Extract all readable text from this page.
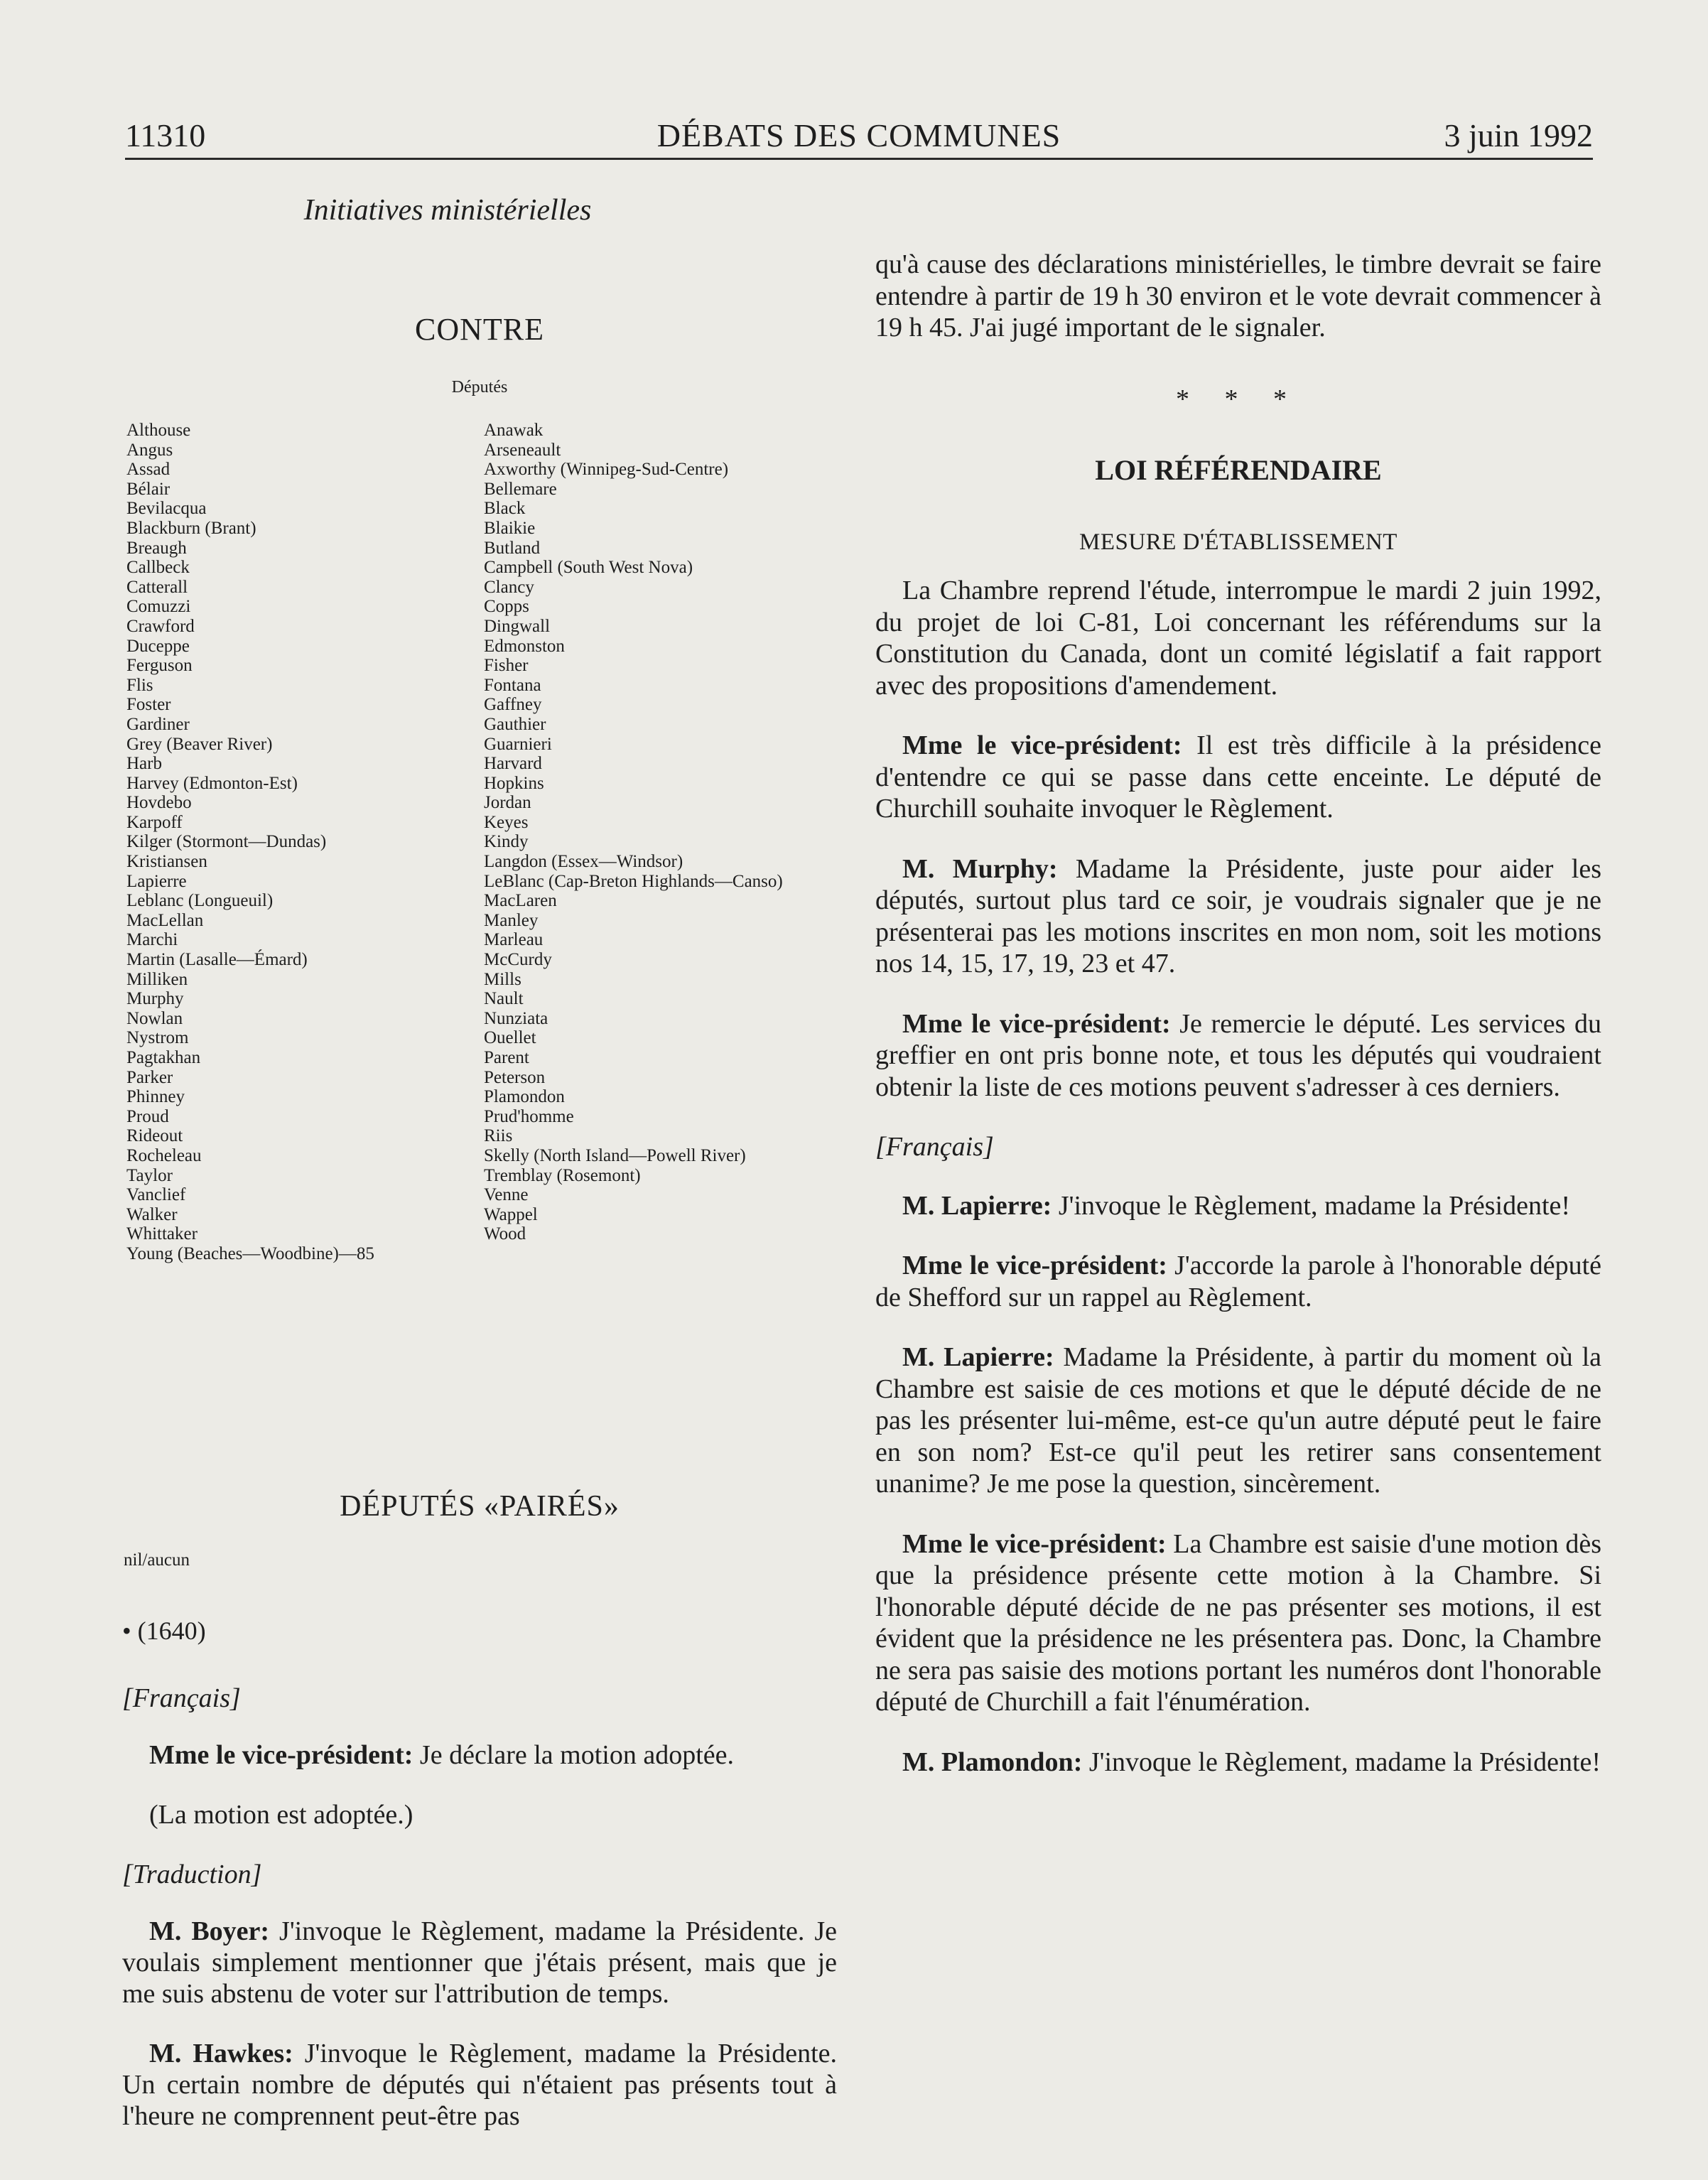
11310	DÉBATS DES COMMUNES	3 juin 1992
Initiatives ministérielles
CONTRE
Députés
Althouse
Angus
Assad
Bélair
Bevilacqua
Blackburn (Brant)
Breaugh
Callbeck
Catterall
Comuzzi
Crawford
Duceppe
Ferguson
Flis
Foster
Gardiner
Grey (Beaver River)
Harb
Harvey (Edmonton-Est)
Hovdebo
Karpoff
Kilger (Stormont—Dundas)
Kristiansen
Lapierre
Leblanc (Longueuil)
MacLellan
Marchi
Martin (Lasalle—Émard)
Milliken
Murphy
Nowlan
Nystrom
Pagtakhan
Parker
Phinney
Proud
Rideout
Rocheleau
Taylor
Vanclief
Walker
Whittaker
Young (Beaches—Woodbine)—85
Anawak
Arseneault
Axworthy (Winnipeg-Sud-Centre)
Bellemare
Black
Blaikie
Butland
Campbell (South West Nova)
Clancy
Copps
Dingwall
Edmonston
Fisher
Fontana
Gaffney
Gauthier
Guarnieri
Harvard
Hopkins
Jordan
Keyes
Kindy
Langdon (Essex—Windsor)
LeBlanc (Cap-Breton Highlands—Canso)
MacLaren
Manley
Marleau
McCurdy
Mills
Nault
Nunziata
Ouellet
Parent
Peterson
Plamondon
Prud'homme
Riis
Skelly (North Island—Powell River)
Tremblay (Rosemont)
Venne
Wappel
Wood
DÉPUTÉS «PAIRÉS»
nil/aucun
• (1640)

[Français]

Mme le vice-président: Je déclare la motion adoptée.

(La motion est adoptée.)

[Traduction]

M. Boyer: J'invoque le Règlement, madame la Présidente. Je voulais simplement mentionner que j'étais présent, mais que je me suis abstenu de voter sur l'attribution de temps.

M. Hawkes: J'invoque le Règlement, madame la Présidente. Un certain nombre de députés qui n'étaient pas présents tout à l'heure ne comprennent peut-être pas

qu'à cause des déclarations ministérielles, le timbre devrait se faire entendre à partir de 19 h 30 environ et le vote devrait commencer à 19 h 45. J'ai jugé important de le signaler.

* * *
LOI RÉFÉRENDAIRE
MESURE D'ÉTABLISSEMENT

La Chambre reprend l'étude, interrompue le mardi 2 juin 1992, du projet de loi C-81, Loi concernant les référendums sur la Constitution du Canada, dont un comité législatif a fait rapport avec des propositions d'amendement.

Mme le vice-président: Il est très difficile à la présidence d'entendre ce qui se passe dans cette enceinte. Le député de Churchill souhaite invoquer le Règlement.

M. Murphy: Madame la Présidente, juste pour aider les députés, surtout plus tard ce soir, je voudrais signaler que je ne présenterai pas les motions inscrites en mon nom, soit les motions nos 14, 15, 17, 19, 23 et 47.

Mme le vice-président: Je remercie le député. Les services du greffier en ont pris bonne note, et tous les députés qui voudraient obtenir la liste de ces motions peuvent s'adresser à ces derniers.

[Français]

M. Lapierre: J'invoque le Règlement, madame la Présidente!

Mme le vice-président: J'accorde la parole à l'honorable député de Shefford sur un rappel au Règlement.

M. Lapierre: Madame la Présidente, à partir du moment où la Chambre est saisie de ces motions et que le député décide de ne pas les présenter lui-même, est-ce qu'un autre député peut le faire en son nom? Est-ce qu'il peut les retirer sans consentement unanime? Je me pose la question, sincèrement.

Mme le vice-président: La Chambre est saisie d'une motion dès que la présidence présente cette motion à la Chambre. Si l'honorable député décide de ne pas présenter ses motions, il est évident que la présidence ne les présentera pas. Donc, la Chambre ne sera pas saisie des motions portant les numéros dont l'honorable député de Churchill a fait l'énumération.

M. Plamondon: J'invoque le Règlement, madame la Présidente!
